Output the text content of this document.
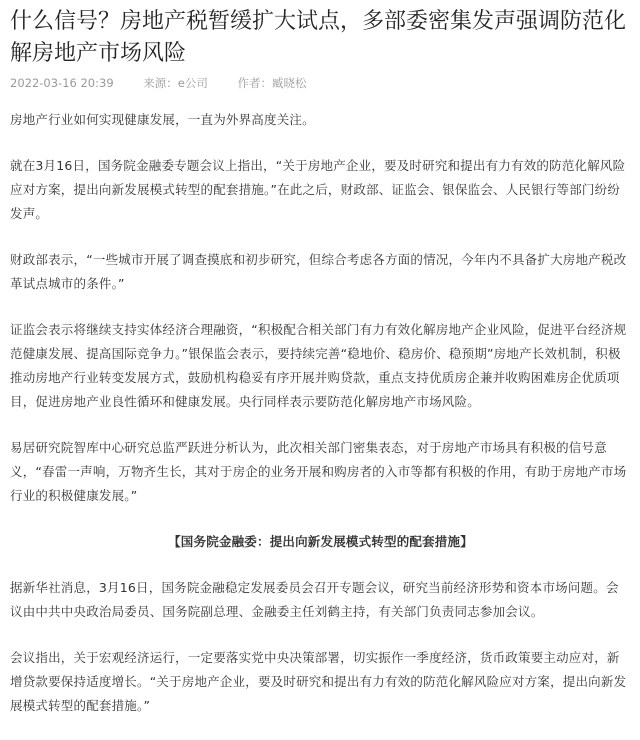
什么信号？房地产税暂缓扩大试点，多部委密集发声强调防范化解房地产市场风险
2022-03-16 20:39	来源：e公司	作者：臧晓松

房地产行业如何实现健康发展，一直为外界高度关注。

就在3月16日，国务院金融委专题会议上指出，“关于房地产企业，要及时研究和提出有力有效的防范化解风险应对方案，提出向新发展模式转型的配套措施。”在此之后，财政部、证监会、银保监会、人民银行等部门纷纷发声。

财政部表示，“一些城市开展了调查摸底和初步研究，但综合考虑各方面的情况，今年内不具备扩大房地产税改革试点城市的条件。”

证监会表示将继续支持实体经济合理融资，“积极配合相关部门有力有效化解房地产企业风险，促进平台经济规范健康发展、提高国际竞争力。”银保监会表示，要持续完善“稳地价、稳房价、稳预期”房地产长效机制，积极推动房地产行业转变发展方式，鼓励机构稳妥有序开展并购贷款，重点支持优质房企兼并收购困难房企优质项目，促进房地产业良性循环和健康发展。央行同样表示要防范化解房地产市场风险。

易居研究院智库中心研究总监严跃进分析认为，此次相关部门密集表态，对于房地产市场具有积极的信号意义，“春雷一声响，万物齐生长，其对于房企的业务开展和购房者的入市等都有积极的作用，有助于房地产市场行业的积极健康发展。”

【国务院金融委：提出向新发展模式转型的配套措施】

据新华社消息，3月16日，国务院金融稳定发展委员会召开专题会议，研究当前经济形势和资本市场问题。会议由中共中央政治局委员、国务院副总理、金融委主任刘鹤主持，有关部门负责同志参加会议。

会议指出，关于宏观经济运行，一定要落实党中央决策部署，切实振作一季度经济，货币政策要主动应对，新增贷款要保持适度增长。“关于房地产企业，要及时研究和提出有力有效的防范化解风险应对方案，提出向新发展模式转型的配套措施。”
